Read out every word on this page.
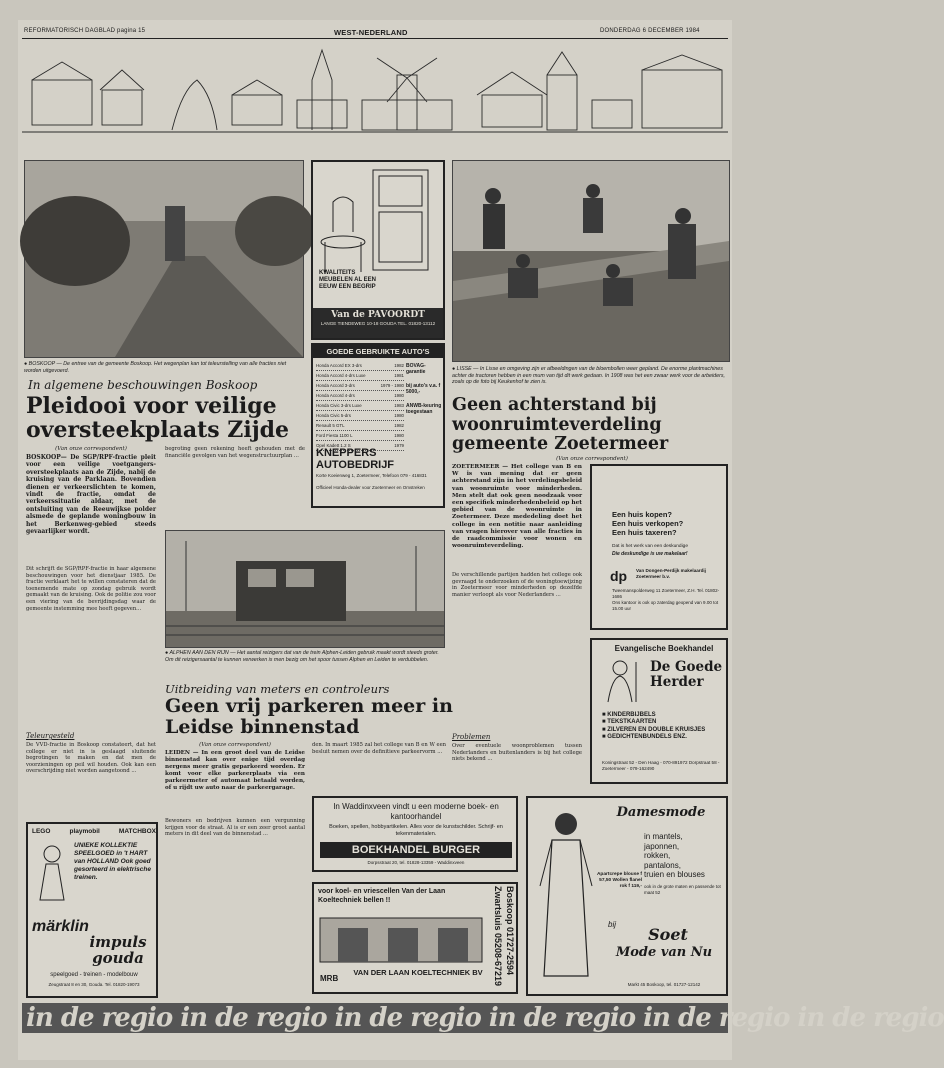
REFORMATORISCH DAGBLAD pagina 15	WEST-NEDERLAND	DONDERDAG 6 DECEMBER 1984
● BOSKOOP — De entree van de gemeente Boskoop. Het wegenplan kan tot teleurstelling van alle fracties niet worden uitgevoerd.
In algemene beschouwingen Boskoop
Pleidooi voor veilige oversteekplaats Zijde
(Van onze correspondent)
BOSKOOP— De SGP/RPF-fractie pleit voor een veilige voetgangers-oversteekplaats aan de Zijde, nabij de kruising van de Parklaan. Bovendien dienen er verkeerslichten te komen, vindt de fractie, omdat de verkeerssituatie aldaar, met de ontsluiting van de Reeuwijkse polder alsmede de geplande woningbouw in het Berkenweg-gebied steeds gevaarlijker wordt.
Dit schrijft de SGP/RPF-fractie in haar algemene beschouwingen voor het dienstjaar 1985. De fractie verklaart het te willen constateren dat de toenemende mate op zondag gebruik wordt gemaakt van de kruising. Ook de politie zou voor een viering van de bevrijdingsdag waar de gemeente instemming mee heeft gegeven...
begroting geen rekening heeft gehouden met de financiële gevolgen van het wegenstructuurplan ...
Teleurgesteld
De VVD-fractie in Boskoop constateert, dat het college er niet in is geslaagd sluitende begrotingen te maken en dat men de voorzieningen op peil wil houden. Ook kan een overschrijding niet worden aangetoond ...
KWALITEITS MEUBELEN AL EEN EEUW EEN BEGRIP
Van de PAVOORDT
LANGE TIENDEWEG 10-18 GOUDA TEL. 01820-13112
GOEDE GEBRUIKTE AUTO'S
Honda Accord EX 3-drs	1982
Honda Accord 4-drs Luxe	1981
Honda Accord 3-drs	1979 - 1980
Honda Accord 4-drs	1980
Honda Civic 3-drs Luxe	1983
Honda Civic 5-drs	1980
Renault 5 GTL	1982
Ford Fiesta 1100 L	1980
Opel Kadett 1.2 S	1979
BOVAG-garantie
bij auto's v.a. f 5000,-
ANWB-keuring toegestaan
KNEPPERS AUTOBEDRIJF
Korte Koeienweg 1, Zoetermeer, Telefoon 079 - 416831
Officieel Honda-dealer voor Zoetermeer en Omstreken
● LISSE — In Lisse en omgeving zijn er afbeeldingen van de bloembollen weer gepland. De enorme plantmachines achter de tractoren hebben in een mum van tijd dit werk gedaan. In 1908 was het een zwaar werk voor de arbeiders, zoals op de foto bij Keukenhof te zien is.
Geen achterstand bij woonruimteverdeling gemeente Zoetermeer
(Van onze correspondent)
ZOETERMEER — Het college van B en W is van mening dat er geen achterstand zijn in het verdelingsbeleid van woonruimte voor minderheden. Men stelt dat ook geen noodzaak voor een specifiek minderhedenbeleid op het gebied van de woonruimte in Zoetermeer. Deze mededeling doet het college in een notitie naar aanleiding van vragen hierover van alle fracties in de raadcommissie voor wonen en woonruimteverdeling.
De verschillende partijen hadden het college ook gevraagd te onderzoeken of de woningtoewijzing in Zoetermeer voor minderheden op dezelfde manier verloopt als voor Nederlanders ...
Problemen
Over eventuele woonproblemen tussen Nederlanders en buitenlanders is bij het college niets bekend ...
Een huis kopen?
Een huis verkopen?
Een huis taxeren?
Dat is het werk van een deskundige
Die deskundige is uw makelaar!
dp Van Dongen-Perdijk makelaardij Zoetermeer b.v.
Tweemanspolderweg 11 Zoetermeer, Z.H. Tel. 01802-1686
Ons kantoor is ook op zaterdag geopend van 9.00 tot 15.00 uur
● ALPHEN AAN DEN RIJN — Het aantal reizigers dat van de trein Alphen-Leiden gebruik maakt wordt steeds groter. Om dit reizigersaantal te kunnen verwerken is men bezig om het spoor tussen Alphen en Leiden te verdubbelen.
Evangelische Boekhandel
De Goede Herder
■ KINDERBIJBELS
■ TEKSTKAARTEN
■ ZILVEREN EN DOUBLE KRUISJES
■ GEDICHTENBUNDELS ENZ.
Koningstraat 52 - Den Haag - 070-891972 Dorpstraat 58 - Zoetermeer - 079-162490
Uitbreiding van meters en controleurs
Geen vrij parkeren meer in Leidse binnenstad
(Van onze correspondent)
LEIDEN — In een groot deel van de Leidse binnenstad kan over enige tijd overdag nergens meer gratis geparkeerd worden. Er komt voor elke parkeerplaats via een parkeermeter of automaat betaald worden, of u rijdt uw auto naar de parkeergarage.
Bewoners en bedrijven kunnen een vergunning krijgen voor de straat. Al is er een zeer groot aantal meters in dit deel van de binnenstad ...
den. In maart 1985 zal het college van B en W een besluit nemen over de definitieve parkeervorm ...
LEGO	playmobil	MATCHBOX
UNIEKE KOLLEKTIE SPEELGOED in 't HART van HOLLAND Ook goed gesorteerd in elektrische treinen.
märklin
impuls gouda
speelgoed - treinen - modelbouw
Zeugstraat 8 en 30, Gouda. Tel. 01820-19073
In Waddinxveen vindt u een moderne boek- en kantoorhandel
Boeken, spellen, hobbyartikelen. Alles voor de kunstschilder. Schrijf- en tekenmaterialen.
BOEKHANDEL BURGER
Dorpsstraat 20, tel. 01828-13359 - Waddinxveen
voor koel- en vriescellen Van der Laan Koeltechniek bellen !!	Boskoop 01727-2594 Zwartsluis 05208-67219
MRB
VAN DER LAAN KOELTECHNIEK BV
Damesmode
in mantels,
japonnen,
rokken,
pantalons,
truien en blouses
ook in de grote maten en passende tot maat 52
Apartcrepe blouse f 57,50 Wollen flanel rok f 119,-
bij
Soet
Mode van Nu
Markt 45 Boskoop, tel. 01727-12142
in de regio in de regio in de regio in de regio in de regio in de regio
